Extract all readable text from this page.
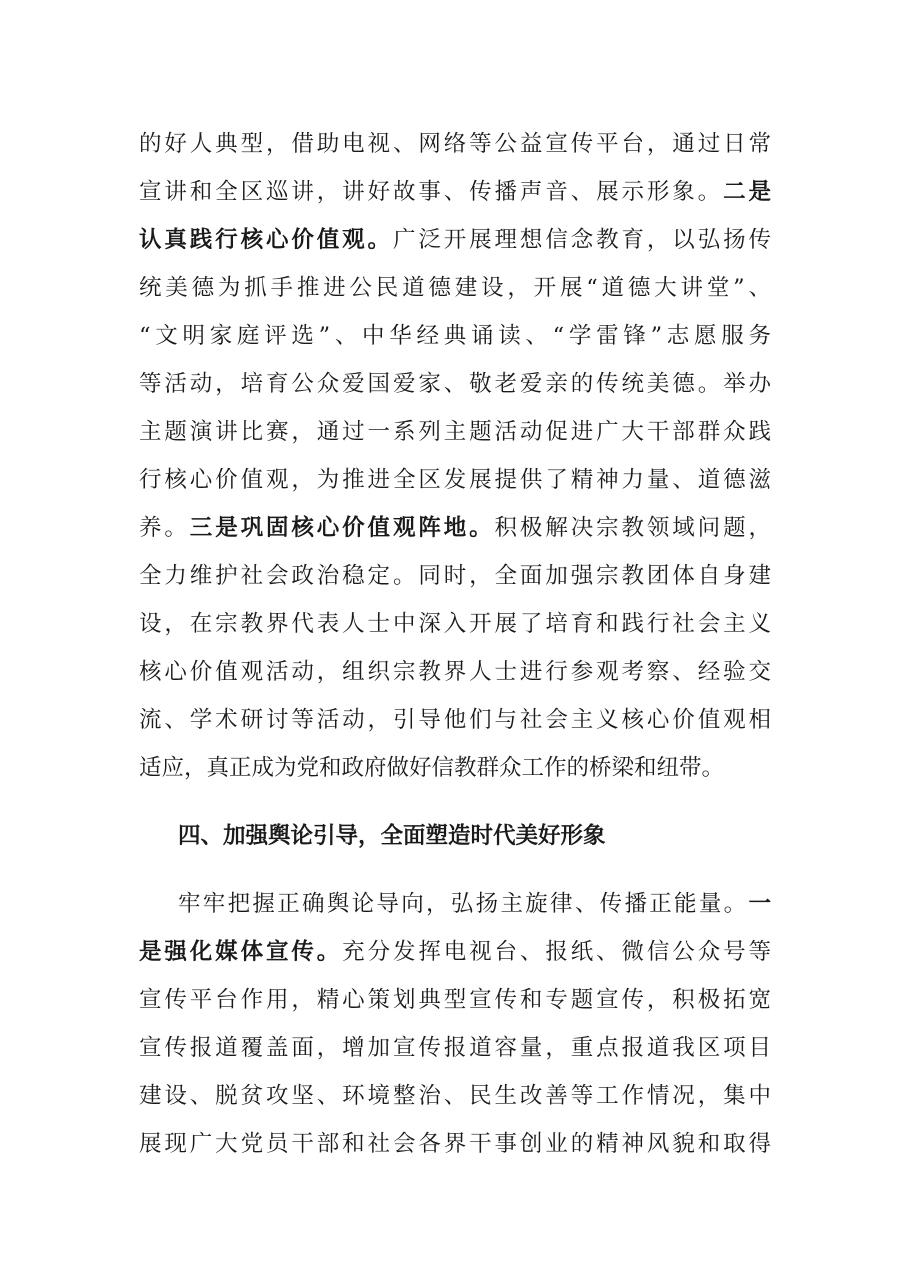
的好人典型，借助电视、网络等公益宣传平台，通过日常
宣讲和全区巡讲，讲好故事、传播声音、展示形象。二是
认真践行核心价值观。广泛开展理想信念教育，以弘扬传
统美德为抓手推进公民道德建设，开展“道德大讲堂”、
“文明家庭评选”、中华经典诵读、“学雷锋”志愿服务
等活动，培育公众爱国爱家、敬老爱亲的传统美德。举办
主题演讲比赛，通过一系列主题活动促进广大干部群众践
行核心价值观，为推进全区发展提供了精神力量、道德滋
养。三是巩固核心价值观阵地。积极解决宗教领域问题，
全力维护社会政治稳定。同时，全面加强宗教团体自身建
设，在宗教界代表人士中深入开展了培育和践行社会主义
核心价值观活动，组织宗教界人士进行参观考察、经验交
流、学术研讨等活动，引导他们与社会主义核心价值观相
适应，真正成为党和政府做好信教群众工作的桥梁和纽带。
四、加强舆论引导，全面塑造时代美好形象
牢牢把握正确舆论导向，弘扬主旋律、传播正能量。一
是强化媒体宣传。充分发挥电视台、报纸、微信公众号等
宣传平台作用，精心策划典型宣传和专题宣传，积极拓宽
宣传报道覆盖面，增加宣传报道容量，重点报道我区项目
建设、脱贫攻坚、环境整治、民生改善等工作情况，集中
展现广大党员干部和社会各界干事创业的精神风貌和取得
